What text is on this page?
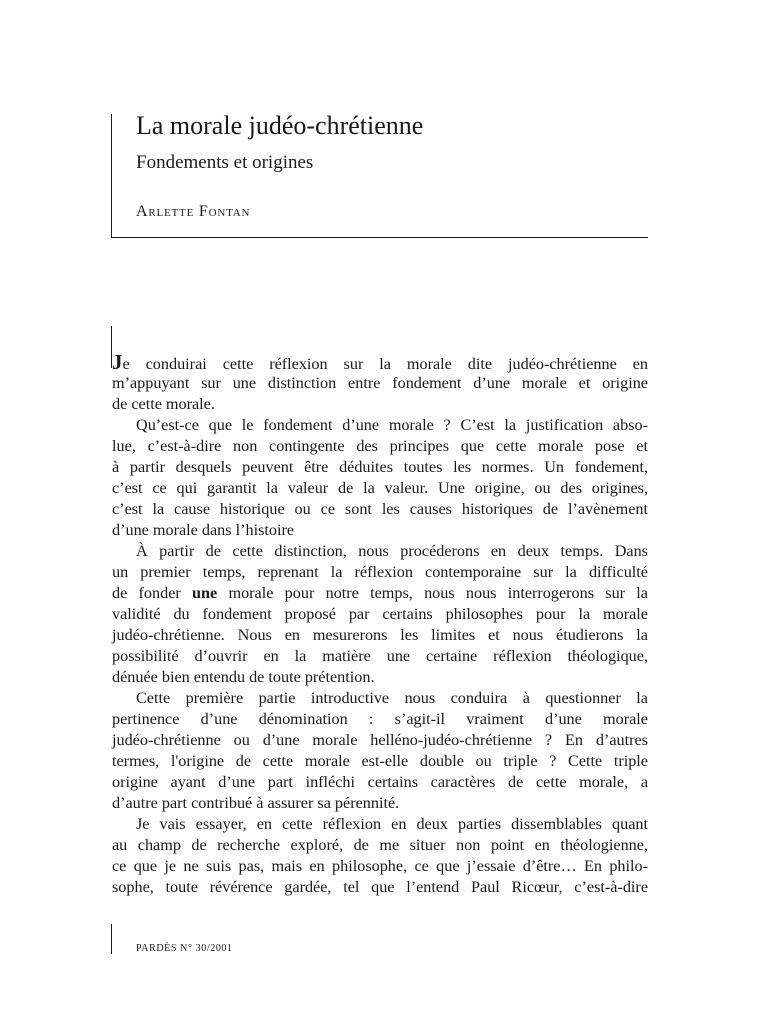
La morale judéo-chrétienne
Fondements et origines
Arlette Fontan
Je conduirai cette réflexion sur la morale dite judéo-chrétienne en
m’appuyant sur une distinction entre fondement d’une morale et origine
de cette morale.
Qu’est-ce que le fondement d’une morale ? C’est la justification abso-
lue, c’est-à-dire non contingente des principes que cette morale pose et
à partir desquels peuvent être déduites toutes les normes. Un fondement,
c’est ce qui garantit la valeur de la valeur. Une origine, ou des origines,
c’est la cause historique ou ce sont les causes historiques de l’avènement
d’une morale dans l’histoire
À partir de cette distinction, nous procéderons en deux temps. Dans
un premier temps, reprenant la réflexion contemporaine sur la difficulté
de fonder une morale pour notre temps, nous nous interrogerons sur la
validité du fondement proposé par certains philosophes pour la morale
judéo-chrétienne. Nous en mesurerons les limites et nous étudierons la
possibilité d’ouvrir en la matière une certaine réflexion théologique,
dénuée bien entendu de toute prétention.
Cette première partie introductive nous conduira à questionner la
pertinence d’une dénomination : s’agit-il vraiment d’une morale
judéo-chrétienne ou d’une morale helléno-judéo-chrétienne ? En d’autres
termes, l'origine de cette morale est-elle double ou triple ? Cette triple
origine ayant d’une part infléchi certains caractères de cette morale, a
d’autre part contribué à assurer sa pérennité.
Je vais essayer, en cette réflexion en deux parties dissemblables quant
au champ de recherche exploré, de me situer non point en théologienne,
ce que je ne suis pas, mais en philosophe, ce que j’essaie d’être… En philo-
sophe, toute révérence gardée, tel que l’entend Paul Ricœur, c’est-à-dire
PARDÈS N° 30/2001
